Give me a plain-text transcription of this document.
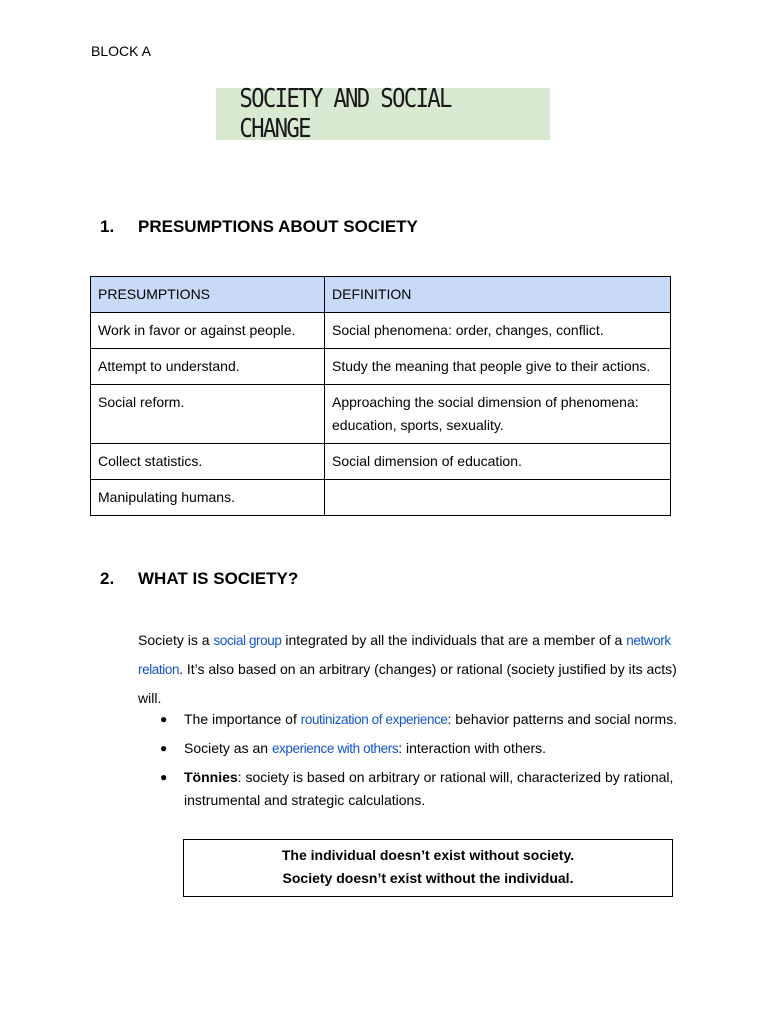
BLOCK A
SOCIETY AND SOCIAL CHANGE
1. PRESUMPTIONS ABOUT SOCIETY
PRESUMPTIONS	DEFINITION
Work in favor or against people.	Social phenomena: order, changes, conflict.
Attempt to understand.	Study the meaning that people give to their actions.
Social reform.	Approaching the social dimension of phenomena: education, sports, sexuality.
Collect statistics.	Social dimension of education.
Manipulating humans.	
2. WHAT IS SOCIETY?
Society is a social group integrated by all the individuals that are a member of a network relation. It’s also based on an arbitrary (changes) or rational (society justified by its acts) will.
● The importance of routinization of experience: behavior patterns and social norms.
● Society as an experience with others: interaction with others.
● Tönnies: society is based on arbitrary or rational will, characterized by rational, instrumental and strategic calculations.
The individual doesn’t exist without society.
Society doesn’t exist without the individual.
